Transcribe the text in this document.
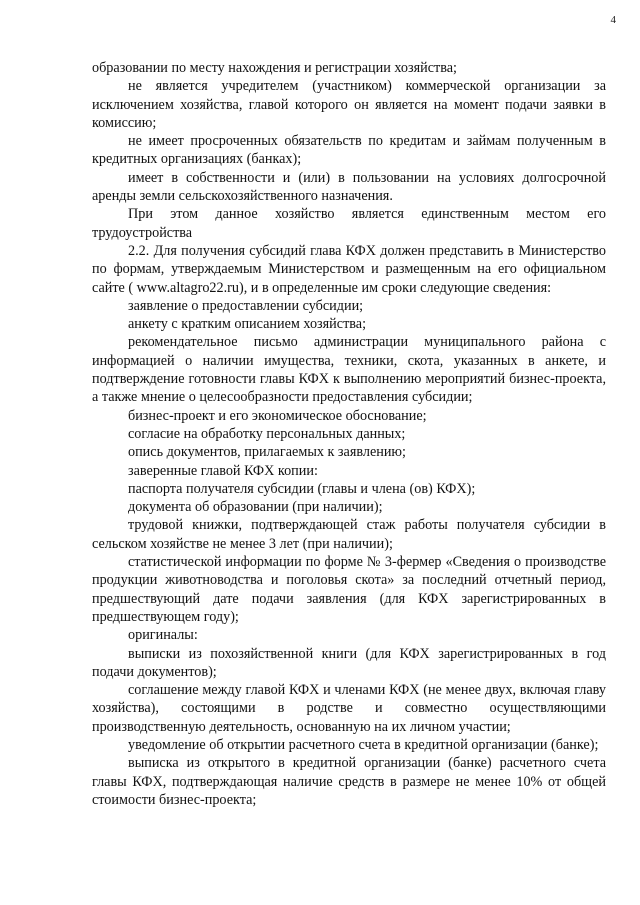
4

образовании по месту нахождения и регистрации хозяйства;

не является учредителем (участником) коммерческой организации за исключением хозяйства, главой которого он является на момент подачи заявки в комиссию;

не имеет просроченных обязательств по кредитам и займам полученным в кредитных организациях (банках);

имеет в собственности и (или) в пользовании на условиях долгосрочной аренды земли сельскохозяйственного назначения.

При этом данное хозяйство является единственным местом его трудоустройства

2.2. Для получения субсидий глава КФХ должен представить в Министерство по формам, утверждаемым Министерством и размещенным на его официальном сайте ( www.altagro22.ru), и в определенные им сроки следующие сведения:

заявление о предоставлении субсидии;

анкету с кратким описанием хозяйства;

рекомендательное письмо администрации муниципального района с информацией о наличии имущества, техники, скота, указанных в анкете, и подтверждение готовности главы КФХ к выполнению мероприятий бизнес-проекта, а также мнение о целесообразности предоставления субсидии;

бизнес-проект и его экономическое обоснование;

согласие на обработку персональных данных;

опись документов, прилагаемых к заявлению;

заверенные главой КФХ копии:

паспорта получателя субсидии (главы и члена (ов) КФХ);

документа об образовании (при наличии);

трудовой книжки, подтверждающей стаж работы получателя субсидии в сельском хозяйстве не менее 3 лет (при наличии);

статистической информации по форме № 3-фермер «Сведения о производстве продукции животноводства и поголовья скота» за последний отчетный период, предшествующий дате подачи заявления (для КФХ зарегистрированных в предшествующем году);

оригиналы:

выписки из похозяйственной книги (для КФХ зарегистрированных в год подачи документов);

соглашение между главой КФХ и членами КФХ (не менее двух, включая главу хозяйства), состоящими в родстве и совместно осуществляющими производственную деятельность, основанную на их личном участии;

уведомление об открытии расчетного счета в кредитной организации (банке);

выписка из открытого в кредитной организации (банке) расчетного счета главы КФХ, подтверждающая наличие средств в размере не менее 10% от общей стоимости бизнес-проекта;
